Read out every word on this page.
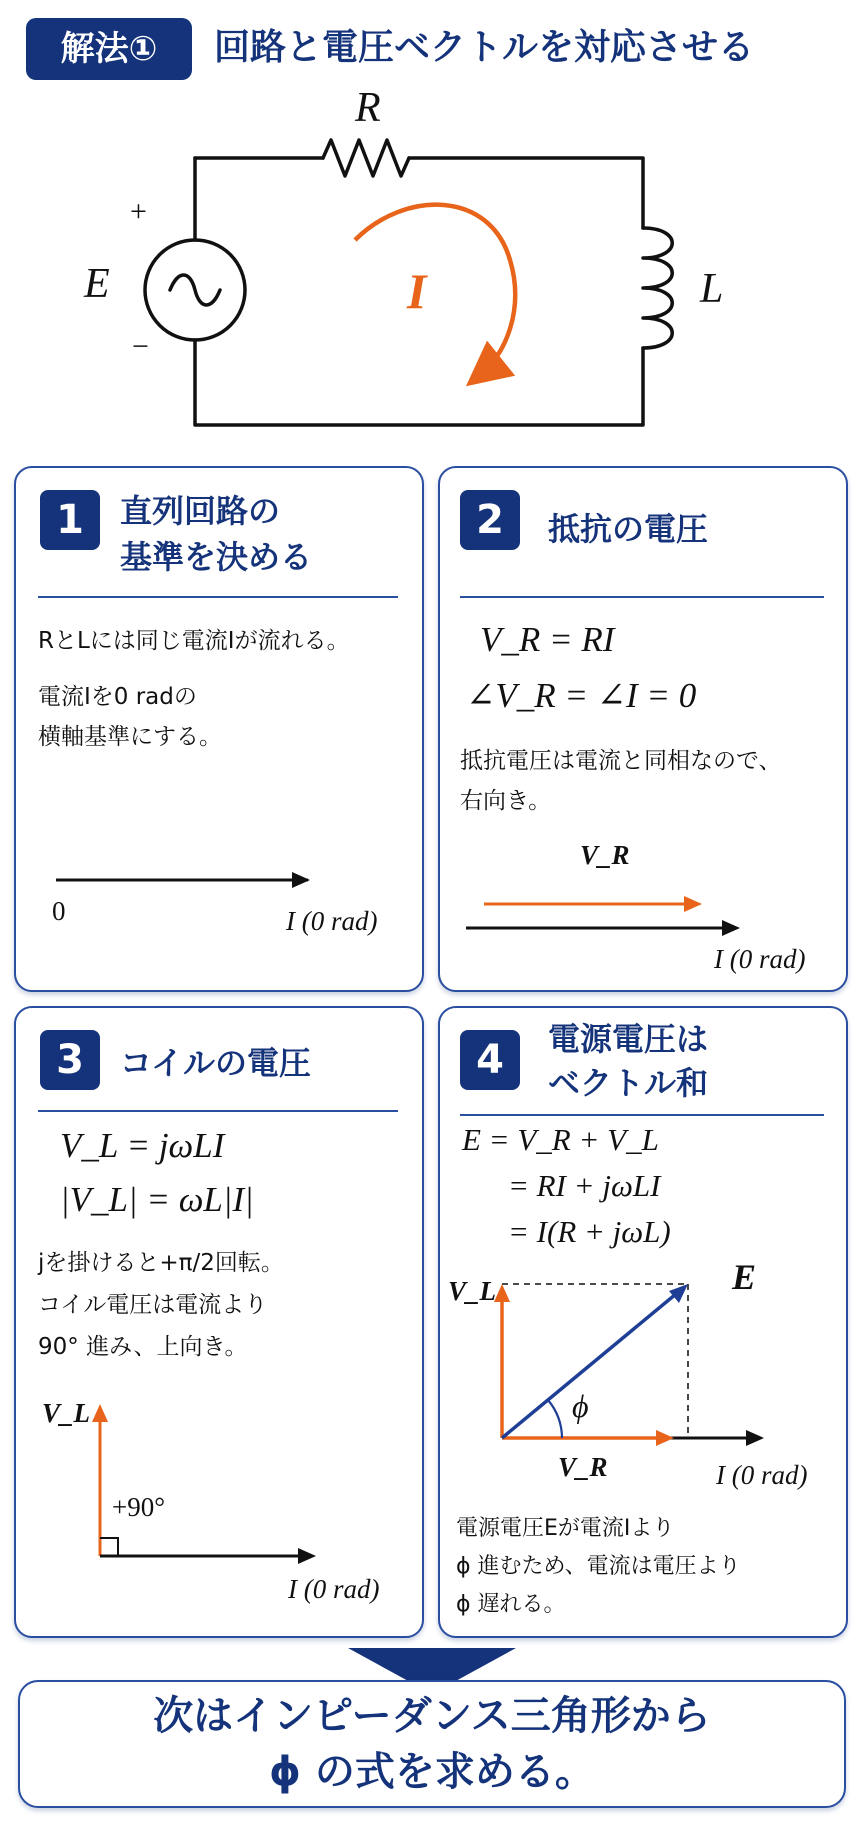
解法①	回路と電圧ベクトルを対応させる
R
L
E
+
−
I
1	直列回路の
基準を決める
RとLには同じ電流Iが流れる。
電流Iを0 radの
横軸基準にする。
0	I (0 rad)
2	抵抗の電圧
V_R = RI
∠V_R = ∠I = 0
抵抗電圧は電流と同相なので、
右向き。
V_R
I (0 rad)
3	コイルの電圧
V_L = jωLI
|V_L| = ωL|I|
jを掛けると+π/2回転。
コイル電圧は電流より
90° 進み、上向き。
V_L
+90°
I (0 rad)
4	電源電圧は
ベクトル和
E = V_R + V_L
= RI + jωLI
= I(R + jωL)
V_L	E
ϕ
V_R	I (0 rad)
電源電圧Eが電流Iより
ϕ 進むため、電流は電圧より
ϕ 遅れる。
次はインピーダンス三角形から
ϕ の式を求める。
